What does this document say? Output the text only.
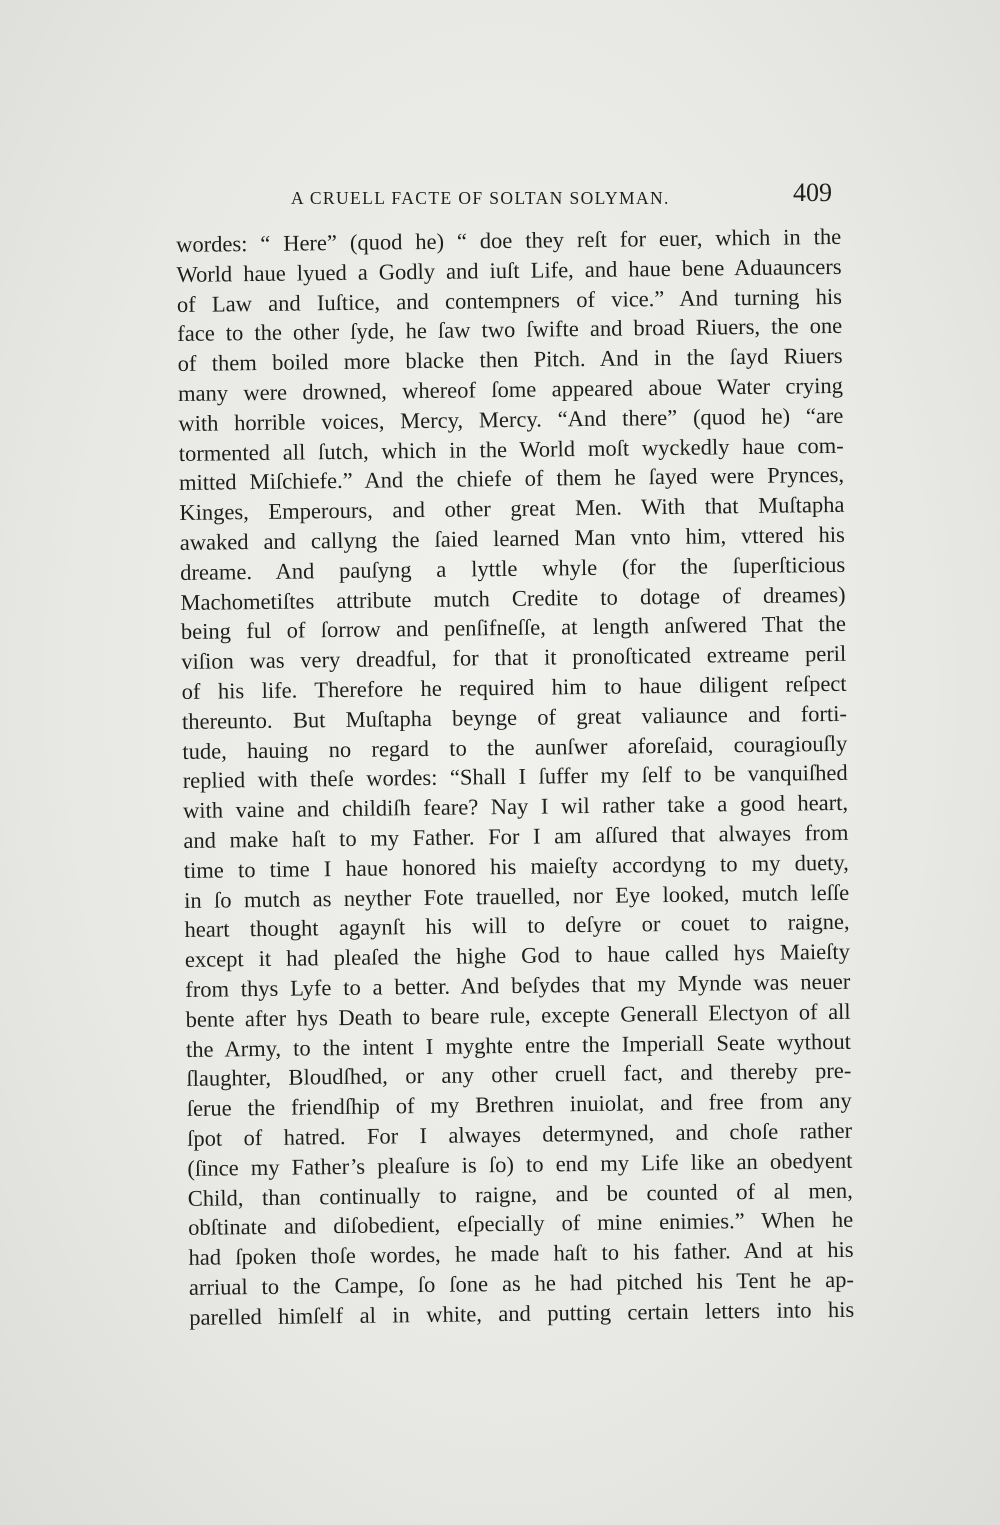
A CRUELL FACTE OF SOLTAN SOLYMAN.	409
wordes: “ Here” (quod he) “ doe they reſt for euer, which in the
World haue lyued a Godly and iuſt Life, and haue bene Aduauncers
of Law and Iuſtice, and contempners of vice.” And turning his
face to the other ſyde, he ſaw two ſwifte and broad Riuers, the one
of them boiled more blacke then Pitch. And in the ſayd Riuers
many were drowned, whereof ſome appeared aboue Water crying
with horrible voices, Mercy, Mercy. “And there” (quod he) “are
tormented all ſutch, which in the World moſt wyckedly haue com-
mitted Miſchiefe.” And the chiefe of them he ſayed were Prynces,
Kinges, Emperours, and other great Men. With that Muſtapha
awaked and callyng the ſaied learned Man vnto him, vttered his
dreame. And pauſyng a lyttle whyle (for the ſuperſticious
Machometiſtes attribute mutch Credite to dotage of dreames)
being ful of ſorrow and penſifneſſe, at length anſwered That the
viſion was very dreadful, for that it pronoſticated extreame peril
of his life. Therefore he required him to haue diligent reſpect
thereunto. But Muſtapha beynge of great valiaunce and forti-
tude, hauing no regard to the aunſwer aforeſaid, couragiouſly
replied with theſe wordes: “Shall I ſuffer my ſelf to be vanquiſhed
with vaine and childiſh feare? Nay I wil rather take a good heart,
and make haſt to my Father. For I am aſſured that alwayes from
time to time I haue honored his maieſty accordyng to my duety,
in ſo mutch as neyther Fote trauelled, nor Eye looked, mutch leſſe
heart thought agaynſt his will to deſyre or couet to raigne,
except it had pleaſed the highe God to haue called hys Maieſty
from thys Lyfe to a better. And beſydes that my Mynde was neuer
bente after hys Death to beare rule, excepte Generall Electyon of all
the Army, to the intent I myghte entre the Imperiall Seate wythout
ſlaughter, Bloudſhed, or any other cruell fact, and thereby pre-
ſerue the friendſhip of my Brethren inuiolat, and free from any
ſpot of hatred. For I alwayes determyned, and choſe rather
(ſince my Father’s pleaſure is ſo) to end my Life like an obedyent
Child, than continually to raigne, and be counted of al men,
obſtinate and diſobedient, eſpecially of mine enimies.” When he
had ſpoken thoſe wordes, he made haſt to his father. And at his
arriual to the Campe, ſo ſone as he had pitched his Tent he ap-
parelled himſelf al in white, and putting certain letters into his
